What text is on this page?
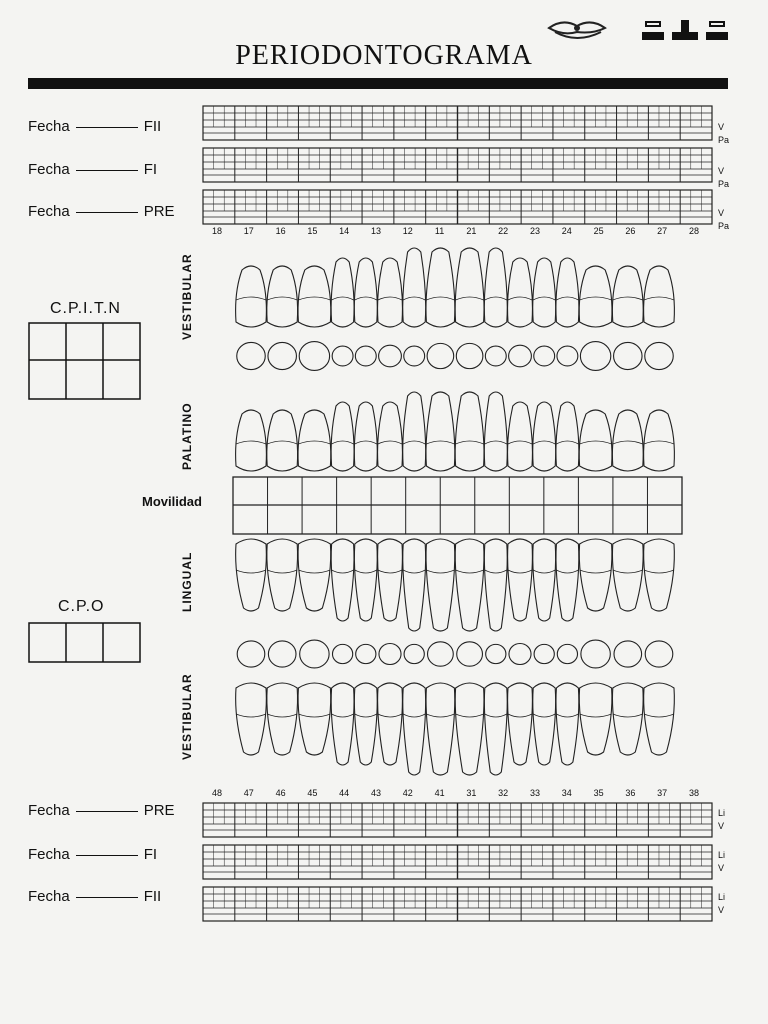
PERIODONTOGRAMA
Fecha	FII
Fecha	FI
Fecha	PRE
V
Pa
V
Pa
V
Pa
18	17	16	15	14	13	12	11	21	22	23	24	25	26	27	28
VESTIBULAR
PALATINO
LINGUAL
VESTIBULAR
C.P.I.T.N
C.P.O
Movilidad
48	47	46	45	44	43	42	41	31	32	33	34	35	36	37	38
Fecha	PRE
Fecha	FI
Fecha	FII
Li
V
Li
V
Li
V
